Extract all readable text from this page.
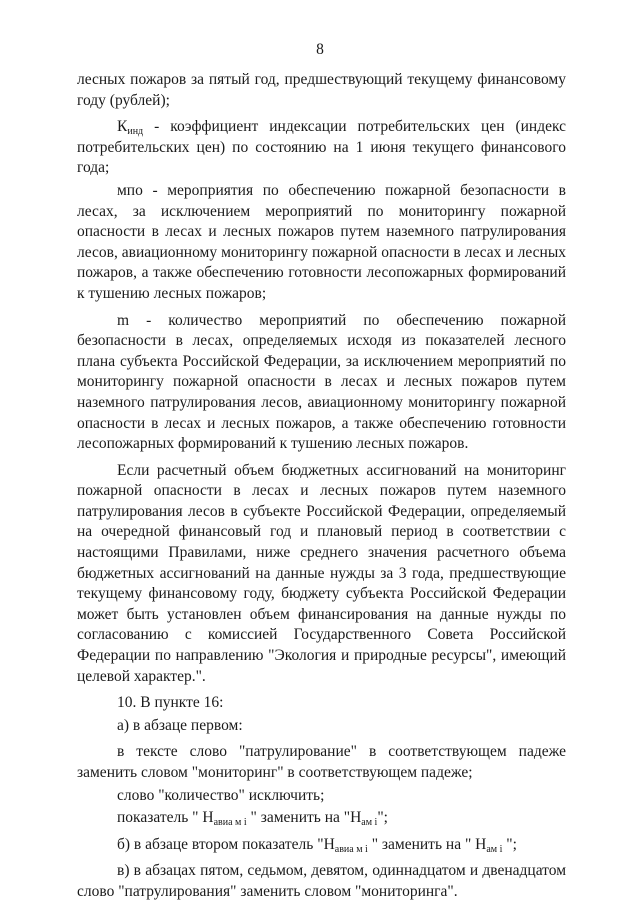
8

лесных пожаров за пятый год, предшествующий текущему финансовому году (рублей);

$К_{инд}$ - коэффициент индексации потребительских цен (индекс потребительских цен) по состоянию на 1 июня текущего финансового года;

мпо - мероприятия по обеспечению пожарной безопасности в лесах, за исключением мероприятий по мониторингу пожарной опасности в лесах и лесных пожаров путем наземного патрулирования лесов, авиационному мониторингу пожарной опасности в лесах и лесных пожаров, а также обеспечению готовности лесопожарных формирований к тушению лесных пожаров;

m - количество мероприятий по обеспечению пожарной безопасности в лесах, определяемых исходя из показателей лесного плана субъекта Российской Федерации, за исключением мероприятий по мониторингу пожарной опасности в лесах и лесных пожаров путем наземного патрулирования лесов, авиационному мониторингу пожарной опасности в лесах и лесных пожаров, а также обеспечению готовности лесопожарных формирований к тушению лесных пожаров.

Если расчетный объем бюджетных ассигнований на мониторинг пожарной опасности в лесах и лесных пожаров путем наземного патрулирования лесов в субъекте Российской Федерации, определяемый на очередной финансовый год и плановый период в соответствии с настоящими Правилами, ниже среднего значения расчетного объема бюджетных ассигнований на данные нужды за 3 года, предшествующие текущему финансовому году, бюджету субъекта Российской Федерации может быть установлен объем финансирования на данные нужды по согласованию с комиссией Государственного Совета Российской Федерации по направлению "Экология и природные ресурсы", имеющий целевой характер.".

10. В пункте 16:

а) в абзаце первом:

в тексте слово "патрулирование" в соответствующем падеже заменить словом "мониторинг" в соответствующем падеже;

слово "количество" исключить;

показатель " $Н_{авиа м i}$ " заменить на "$Н_{ам i}$";

б) в абзаце втором показатель "$Н_{авиа м i}$ " заменить на " $Н_{ам i}$ ";

в) в абзацах пятом, седьмом, девятом, одиннадцатом и двенадцатом слово "патрулирования" заменить словом "мониторинга".
